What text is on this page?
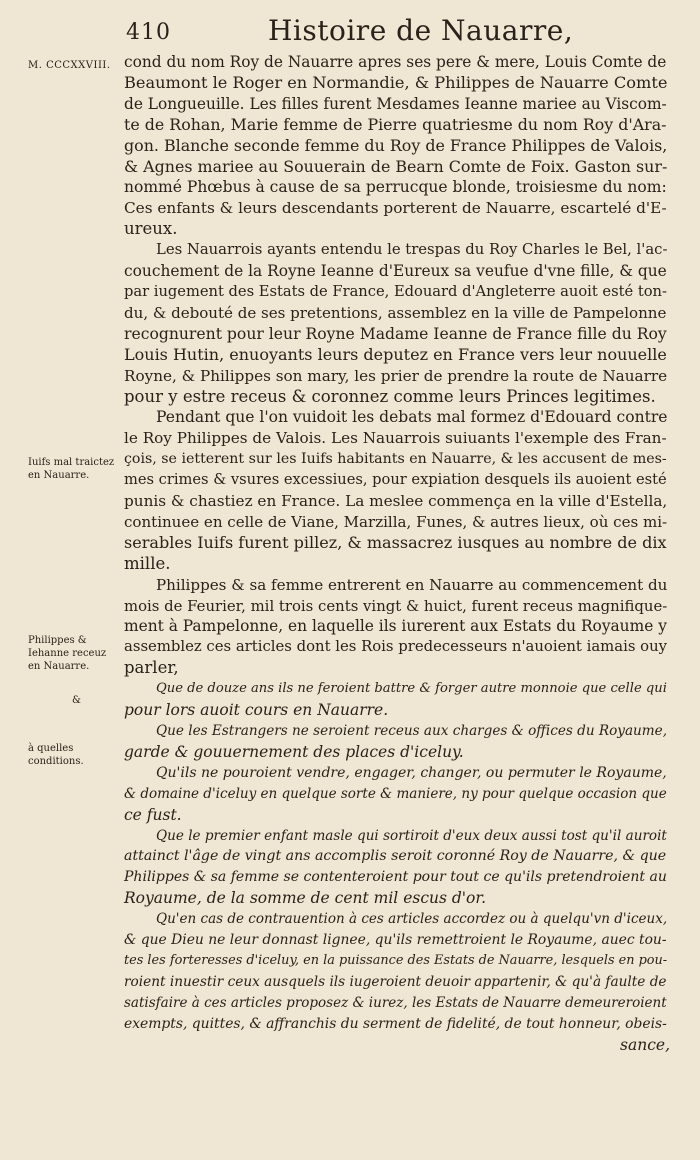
410	Histoire de Nauarre,
M. CCCXXVIII.
Iuifs mal traictez en Nauarre.
Philippes & Iehanne receuz en Nauarre.
&
à quelles conditions.
cond du nom Roy de Nauarre apres ses pere & mere, Louis Comte de
Beaumont le Roger en Normandie, & Philippes de Nauarre Comte
de Longueuille. Les filles furent Mesdames Ieanne mariee au Viscom-
te de Rohan, Marie femme de Pierre quatriesme du nom Roy d'Ara-
gon. Blanche seconde femme du Roy de France Philippes de Valois,
& Agnes mariee au Souuerain de Bearn Comte de Foix. Gaston sur-
nommé Phœbus à cause de sa perrucque blonde, troisiesme du nom:
Ces enfants & leurs descendants porterent de Nauarre, escartelé d'E-
ureux.
Les Nauarrois ayants entendu le trespas du Roy Charles le Bel, l'ac-
couchement de la Royne Ieanne d'Eureux sa veufue d'vne fille, & que
par iugement des Estats de France, Edouard d'Angleterre auoit esté ton-
du, & debouté de ses pretentions, assemblez en la ville de Pampelonne
recognurent pour leur Royne Madame Ieanne de France fille du Roy
Louis Hutin, enuoyants leurs deputez en France vers leur nouuelle
Royne, & Philippes son mary, les prier de prendre la route de Nauarre
pour y estre receus & coronnez comme leurs Princes legitimes.
Pendant que l'on vuidoit les debats mal formez d'Edouard contre
le Roy Philippes de Valois. Les Nauarrois suiuants l'exemple des Fran-
çois, se ietterent sur les Iuifs habitants en Nauarre, & les accusent de mes-
mes crimes & vsures excessiues, pour expiation desquels ils auoient esté
punis & chastiez en France. La meslee commença en la ville d'Estella,
continuee en celle de Viane, Marzilla, Funes, & autres lieux, où ces mi-
serables Iuifs furent pillez, & massacrez iusques au nombre de dix
mille.
Philippes & sa femme entrerent en Nauarre au commencement du
mois de Feurier, mil trois cents vingt & huict, furent receus magnifique-
ment à Pampelonne, en laquelle ils iurerent aux Estats du Royaume y
assemblez ces articles dont les Rois predecesseurs n'auoient iamais ouy
parler,
Que de douze ans ils ne feroient battre & forger autre monnoie que celle qui
pour lors auoit cours en Nauarre.
Que les Estrangers ne seroient receus aux charges & offices du Royaume,
garde & gouuernement des places d'iceluy.
Qu'ils ne pouroient vendre, engager, changer, ou permuter le Royaume,
& domaine d'iceluy en quelque sorte & maniere, ny pour quelque occasion que
ce fust.
Que le premier enfant masle qui sortiroit d'eux deux aussi tost qu'il auroit
attainct l'âge de vingt ans accomplis seroit coronné Roy de Nauarre, & que
Philippes & sa femme se contenteroient pour tout ce qu'ils pretendroient au
Royaume, de la somme de cent mil escus d'or.
Qu'en cas de contrauention à ces articles accordez ou à quelqu'vn d'iceux,
& que Dieu ne leur donnast lignee, qu'ils remettroient le Royaume, auec tou-
tes les forteresses d'iceluy, en la puissance des Estats de Nauarre, lesquels en pou-
roient inuestir ceux ausquels ils iugeroient deuoir appartenir, & qu'à faulte de
satisfaire à ces articles proposez & iurez, les Estats de Nauarre demeureroient
exempts, quittes, & affranchis du serment de fidelité, de tout honneur, obeis-
sance,
